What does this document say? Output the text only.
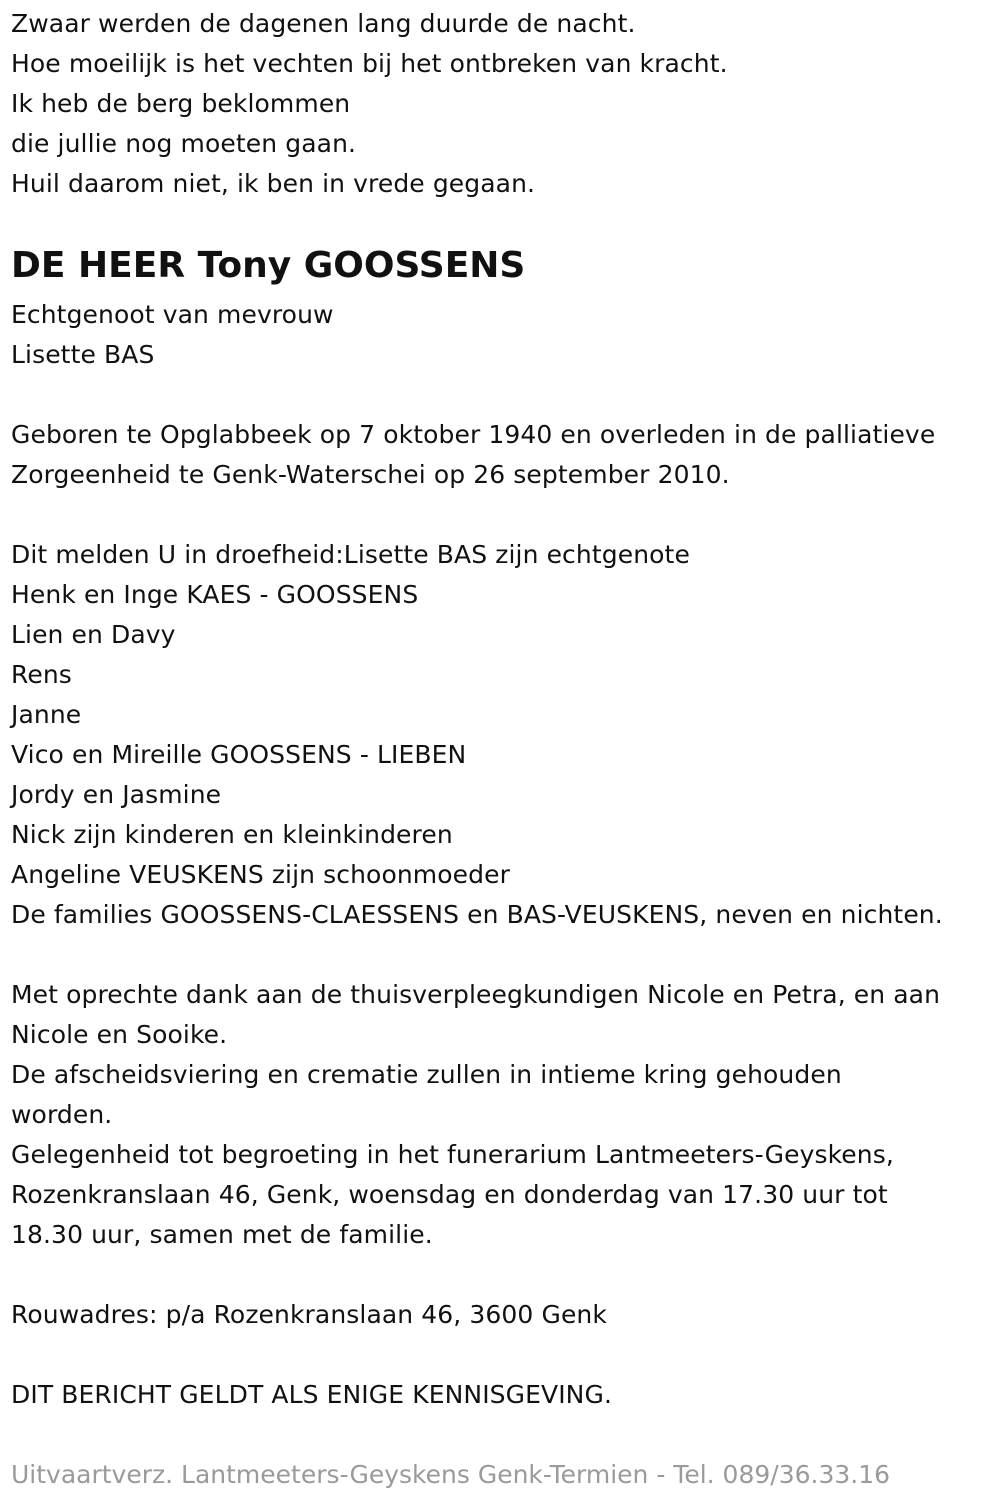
Zwaar werden de dagenen lang duurde de nacht.
Hoe moeilijk is het vechten bij het ontbreken van kracht.
Ik heb de berg beklommen
die jullie nog moeten gaan.
Huil daarom niet, ik ben in vrede gegaan.
DE HEER Tony GOOSSENS
Echtgenoot van mevrouw
Lisette BAS
Geboren te Opglabbeek op 7 oktober 1940 en overleden in de palliatieve
Zorgeenheid te Genk-Waterschei op 26 september 2010.
Dit melden U in droefheid:Lisette BAS zijn echtgenote
Henk en Inge KAES - GOOSSENS
Lien en Davy
Rens
Janne
Vico en Mireille GOOSSENS - LIEBEN
Jordy en Jasmine
Nick zijn kinderen en kleinkinderen
Angeline VEUSKENS zijn schoonmoeder
De families GOOSSENS-CLAESSENS en BAS-VEUSKENS, neven en nichten.
Met oprechte dank aan de thuisverpleegkundigen Nicole en Petra, en aan
Nicole en Sooike.
De afscheidsviering en crematie zullen in intieme kring gehouden
worden.
Gelegenheid tot begroeting in het funerarium Lantmeeters-Geyskens,
Rozenkranslaan 46, Genk, woensdag en donderdag van 17.30 uur tot
18.30 uur, samen met de familie.
Rouwadres: p/a Rozenkranslaan 46, 3600 Genk
DIT BERICHT GELDT ALS ENIGE KENNISGEVING.
Uitvaartverz. Lantmeeters-Geyskens Genk-Termien - Tel. 089/36.33.16
